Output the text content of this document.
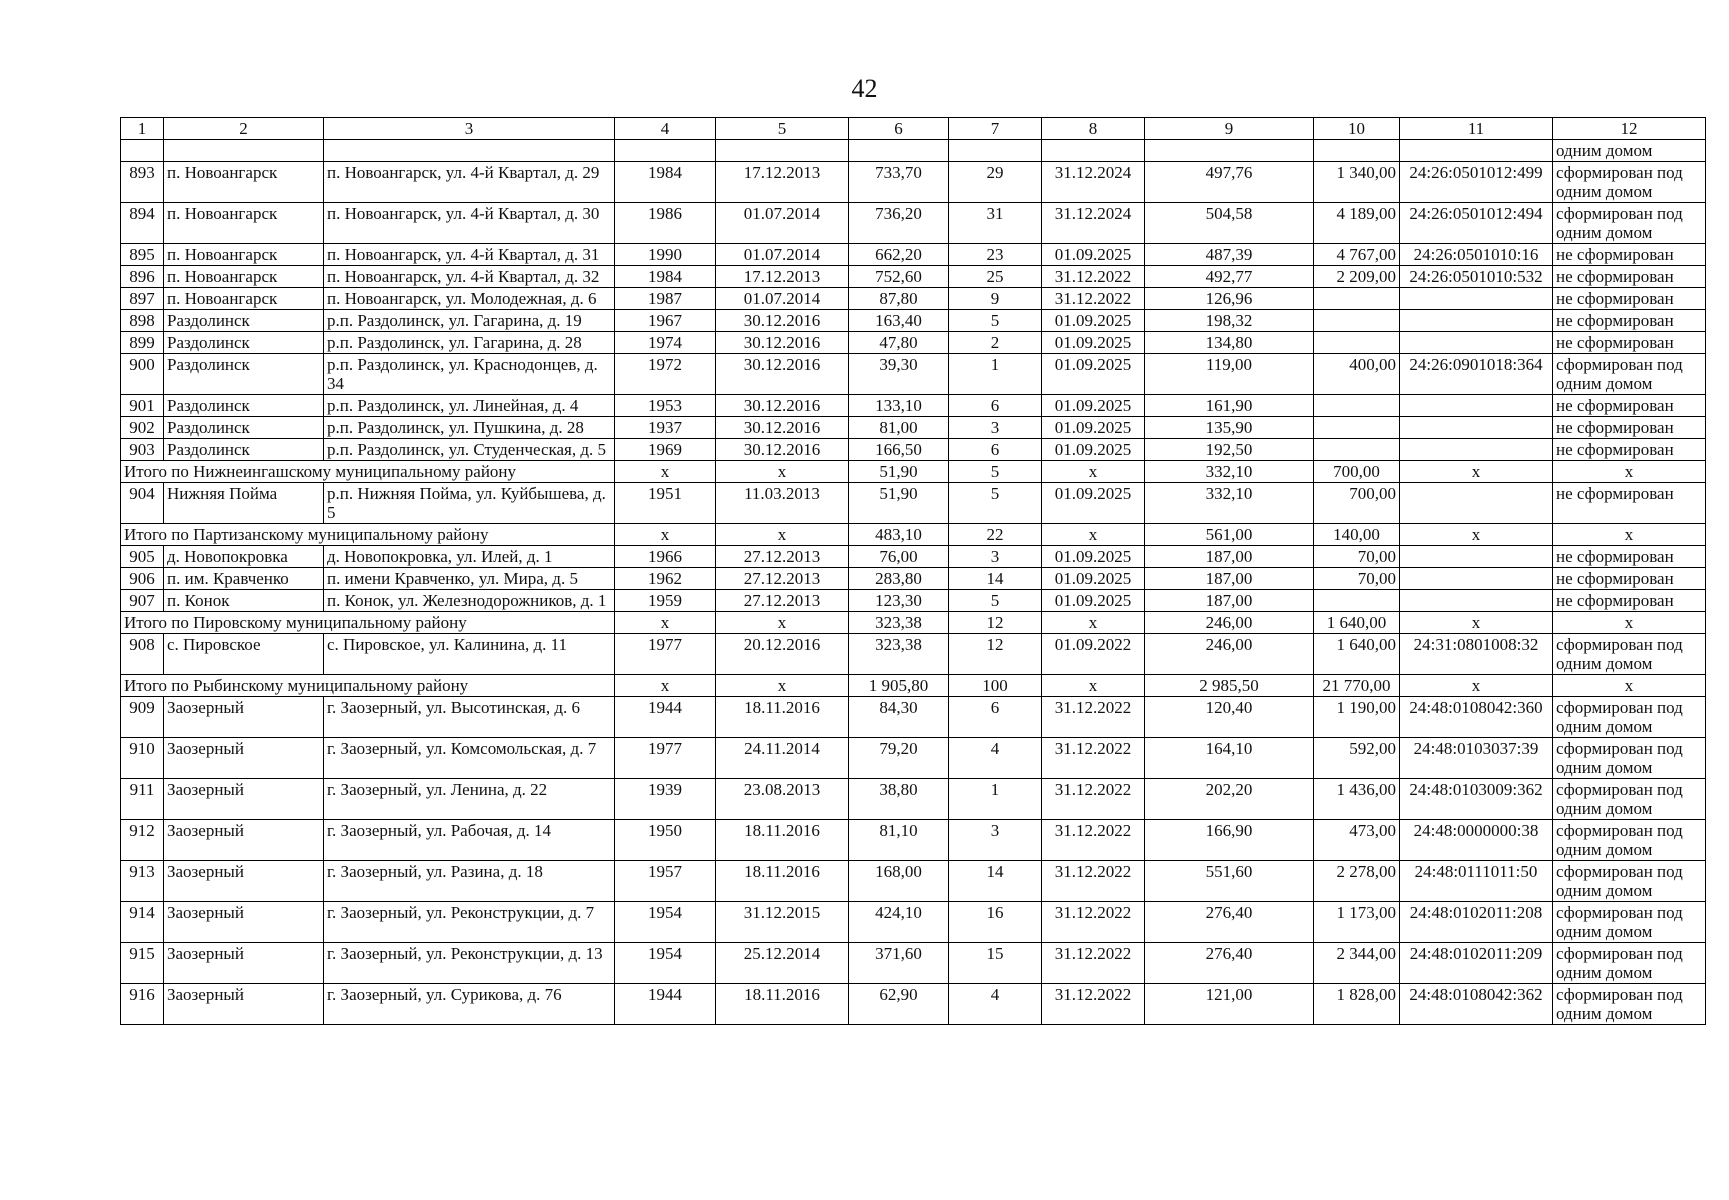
42
1	2	3	4	5	6	7	8	9	10	11	12
											одним домом
893	п. Новоангарск	п. Новоангарск, ул. 4-й Квартал, д. 29	1984	17.12.2013	733,70	29	31.12.2024	497,76	1 340,00	24:26:0501012:499	сформирован под одним домом
894	п. Новоангарск	п. Новоангарск, ул. 4-й Квартал, д. 30	1986	01.07.2014	736,20	31	31.12.2024	504,58	4 189,00	24:26:0501012:494	сформирован под одним домом
895	п. Новоангарск	п. Новоангарск, ул. 4-й Квартал, д. 31	1990	01.07.2014	662,20	23	01.09.2025	487,39	4 767,00	24:26:0501010:16	не сформирован
896	п. Новоангарск	п. Новоангарск, ул. 4-й Квартал, д. 32	1984	17.12.2013	752,60	25	31.12.2022	492,77	2 209,00	24:26:0501010:532	не сформирован
897	п. Новоангарск	п. Новоангарск, ул. Молодежная, д. 6	1987	01.07.2014	87,80	9	31.12.2022	126,96			не сформирован
898	Раздолинск	р.п. Раздолинск, ул. Гагарина, д. 19	1967	30.12.2016	163,40	5	01.09.2025	198,32			не сформирован
899	Раздолинск	р.п. Раздолинск, ул. Гагарина, д. 28	1974	30.12.2016	47,80	2	01.09.2025	134,80			не сформирован
900	Раздолинск	р.п. Раздолинск, ул. Краснодонцев, д. 34	1972	30.12.2016	39,30	1	01.09.2025	119,00	400,00	24:26:0901018:364	сформирован под одним домом
901	Раздолинск	р.п. Раздолинск, ул. Линейная, д. 4	1953	30.12.2016	133,10	6	01.09.2025	161,90			не сформирован
902	Раздолинск	р.п. Раздолинск, ул. Пушкина, д. 28	1937	30.12.2016	81,00	3	01.09.2025	135,90			не сформирован
903	Раздолинск	р.п. Раздолинск, ул. Студенческая, д. 5	1969	30.12.2016	166,50	6	01.09.2025	192,50			не сформирован
Итого по Нижнеингашскому муниципальному району			x	x	51,90	5	x	332,10	700,00	x	x
904	Нижняя Пойма	р.п. Нижняя Пойма, ул. Куйбышева, д. 5	1951	11.03.2013	51,90	5	01.09.2025	332,10	700,00		не сформирован
Итого по Партизанскому муниципальному району			x	x	483,10	22	x	561,00	140,00	x	x
905	д. Новопокровка	д. Новопокровка, ул. Илей, д. 1	1966	27.12.2013	76,00	3	01.09.2025	187,00	70,00		не сформирован
906	п. им. Кравченко	п. имени Кравченко, ул. Мира, д. 5	1962	27.12.2013	283,80	14	01.09.2025	187,00	70,00		не сформирован
907	п. Конок	п. Конок, ул. Железнодорожников, д. 1	1959	27.12.2013	123,30	5	01.09.2025	187,00			не сформирован
Итого по Пировскому муниципальному району			x	x	323,38	12	x	246,00	1 640,00	x	x
908	с. Пировское	с. Пировское, ул. Калинина, д. 11	1977	20.12.2016	323,38	12	01.09.2022	246,00	1 640,00	24:31:0801008:32	сформирован под одним домом
Итого по Рыбинскому муниципальному району			x	x	1 905,80	100	x	2 985,50	21 770,00	x	x
909	Заозерный	г. Заозерный, ул. Высотинская, д. 6	1944	18.11.2016	84,30	6	31.12.2022	120,40	1 190,00	24:48:0108042:360	сформирован под одним домом
910	Заозерный	г. Заозерный, ул. Комсомольская, д. 7	1977	24.11.2014	79,20	4	31.12.2022	164,10	592,00	24:48:0103037:39	сформирован под одним домом
911	Заозерный	г. Заозерный, ул. Ленина, д. 22	1939	23.08.2013	38,80	1	31.12.2022	202,20	1 436,00	24:48:0103009:362	сформирован под одним домом
912	Заозерный	г. Заозерный, ул. Рабочая, д. 14	1950	18.11.2016	81,10	3	31.12.2022	166,90	473,00	24:48:0000000:38	сформирован под одним домом
913	Заозерный	г. Заозерный, ул. Разина, д. 18	1957	18.11.2016	168,00	14	31.12.2022	551,60	2 278,00	24:48:0111011:50	сформирован под одним домом
914	Заозерный	г. Заозерный, ул. Реконструкции, д. 7	1954	31.12.2015	424,10	16	31.12.2022	276,40	1 173,00	24:48:0102011:208	сформирован под одним домом
915	Заозерный	г. Заозерный, ул. Реконструкции, д. 13	1954	25.12.2014	371,60	15	31.12.2022	276,40	2 344,00	24:48:0102011:209	сформирован под одним домом
916	Заозерный	г. Заозерный, ул. Сурикова, д. 76	1944	18.11.2016	62,90	4	31.12.2022	121,00	1 828,00	24:48:0108042:362	сформирован под одним домом
